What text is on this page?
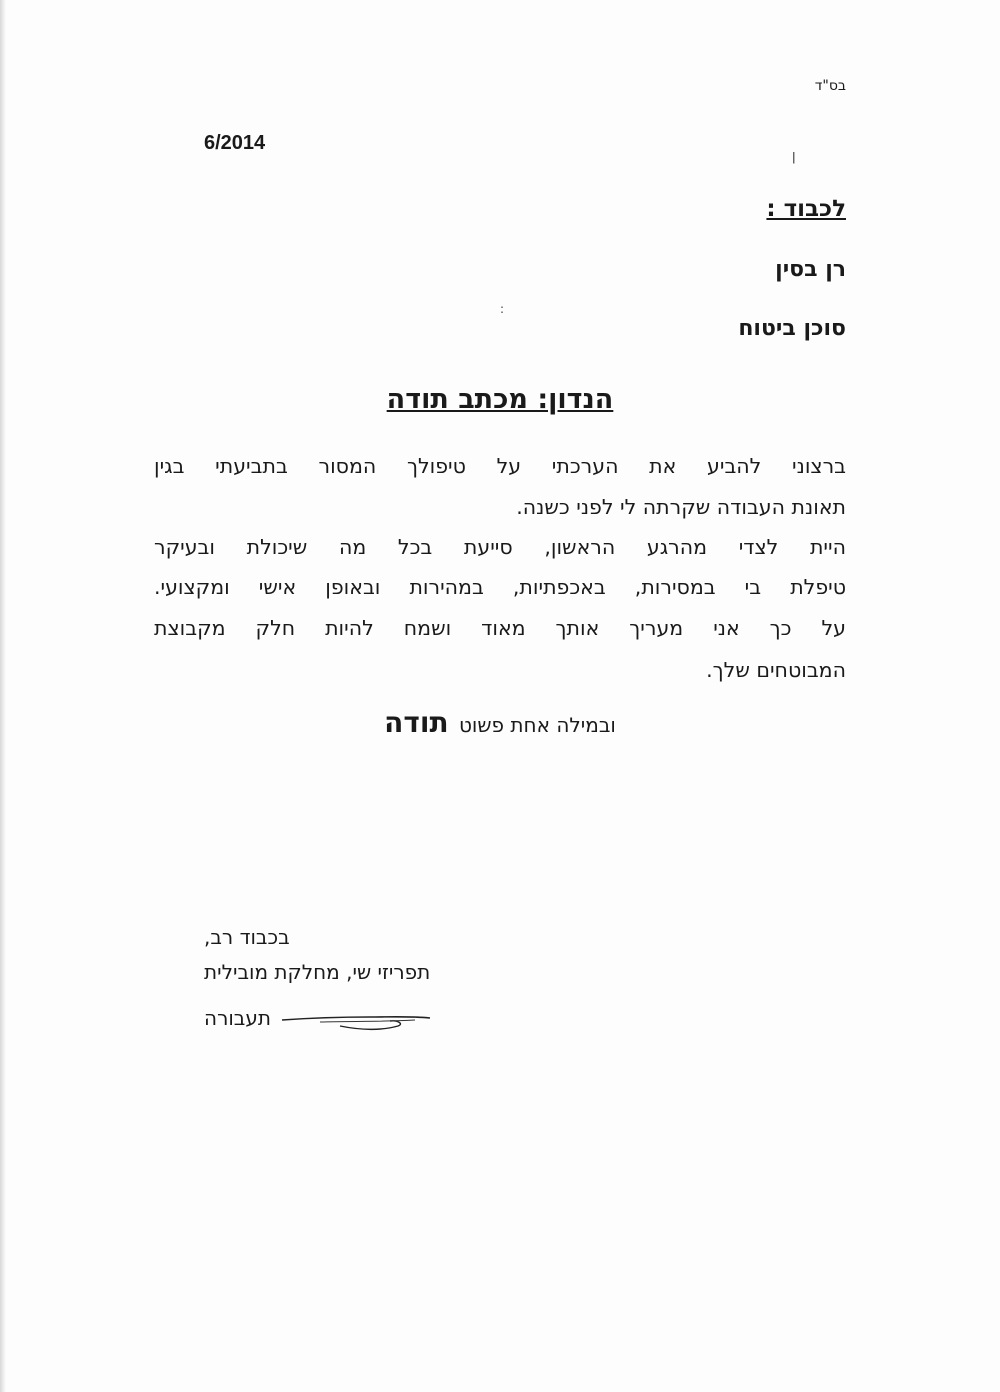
בס"ד
6/2014
לכבוד :
רן בסין
סוכן ביטוח
הנדון: מכתב תודה
ברצוני להביע את הערכתי על טיפולך המסור בתביעתי בגין
תאונת העבודה שקרתה לי לפני כשנה.
היית לצדי מהרגע הראשון, סייעת בכל מה שיכולת ובעיקר
טיפלת בי במסירות, באכפתיות, במהירות ובאופן אישי ומקצועי.
על כך אני מעריך אותך מאוד ושמח להיות חלק מקבוצת
המבוטחים שלך.
ובמילה אחת פשוט תודה
בכבוד רב,
תפריזי שי, מחלקת מובילית
תעבורה
ǀ
:
